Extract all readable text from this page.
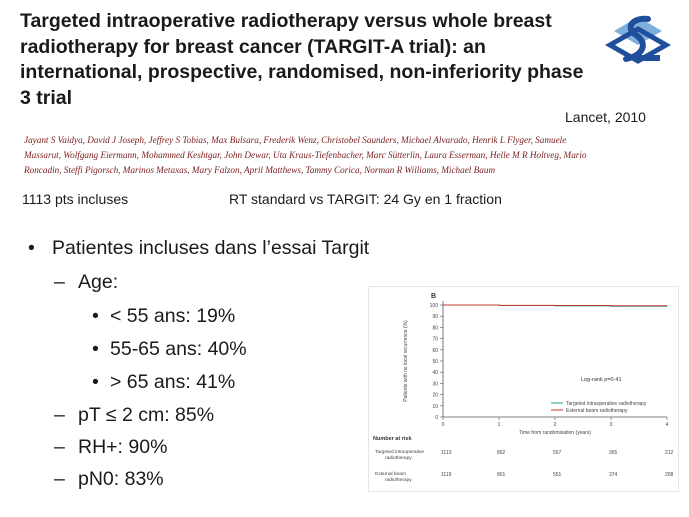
Targeted intraoperative radiotherapy versus whole breast radiotherapy for breast cancer (TARGIT-A trial): an international, prospective, randomised, non-inferiority phase 3 trial
Jayant S Vaidya, David J Joseph, Jeffrey S Tobias, Max Bulsara, Frederik Wenz, Christobel Saunders, Michael Alvarado, Henrik L Flyger, Samuele Massarut, Wolfgang Eiermann, Mohammed Keshtgar, John Dewar, Uta Kraus-Tiefenbacher, Marc Sütterlin, Laura Esserman, Helle M R Holtveg, Mario Roncadin, Steffi Pigorsch, Marinos Metaxas, Mary Falzon, April Matthews, Tammy Corica, Norman R Williams, Michael Baum
Lancet, 2010
1113 pts incluses	RT standard vs TARGIT: 24 Gy en 1 fraction
• Patientes incluses dans l’essai Targit
– Age:
• < 55 ans: 19%
• 55-65 ans: 40%
• > 65 ans: 41%
– pT ≤ 2 cm: 85%
– RH+: 90%
– pN0: 83%
B
0
10
20
30
40
50
60
70
80
90
100
0	1	2	3	4
Patients with no local recurrence (%)
Time from randomisation (years)
Log-rank p=0·41
Targeted intraoperative radiotherapy
External beam radiotherapy
Number at risk
Targeted intraoperative
radiotherapy
1113	802	557	365	212
External beam
radiotherapy
1119	801	551	374	208
